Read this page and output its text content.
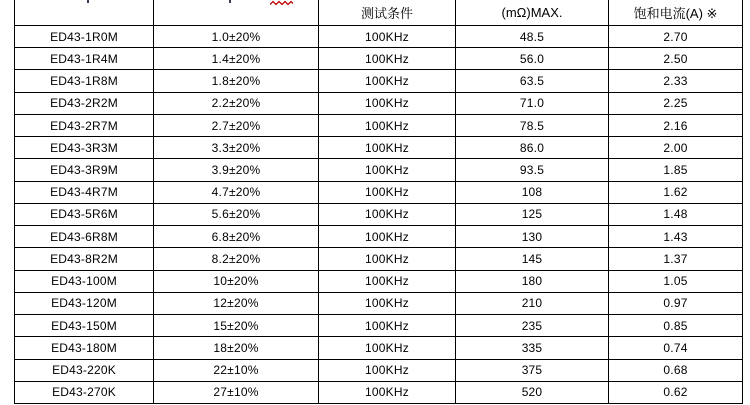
		测试条件	(mΩ)MAX.	饱和电流(A) ※
ED43-1R0M	1.0±20%	100KHz	48.5	2.70
ED43-1R4M	1.4±20%	100KHz	56.0	2.50
ED43-1R8M	1.8±20%	100KHz	63.5	2.33
ED43-2R2M	2.2±20%	100KHz	71.0	2.25
ED43-2R7M	2.7±20%	100KHz	78.5	2.16
ED43-3R3M	3.3±20%	100KHz	86.0	2.00
ED43-3R9M	3.9±20%	100KHz	93.5	1.85
ED43-4R7M	4.7±20%	100KHz	108	1.62
ED43-5R6M	5.6±20%	100KHz	125	1.48
ED43-6R8M	6.8±20%	100KHz	130	1.43
ED43-8R2M	8.2±20%	100KHz	145	1.37
ED43-100M	10±20%	100KHz	180	1.05
ED43-120M	12±20%	100KHz	210	0.97
ED43-150M	15±20%	100KHz	235	0.85
ED43-180M	18±20%	100KHz	335	0.74
ED43-220K	22±10%	100KHz	375	0.68
ED43-270K	27±10%	100KHz	520	0.62
